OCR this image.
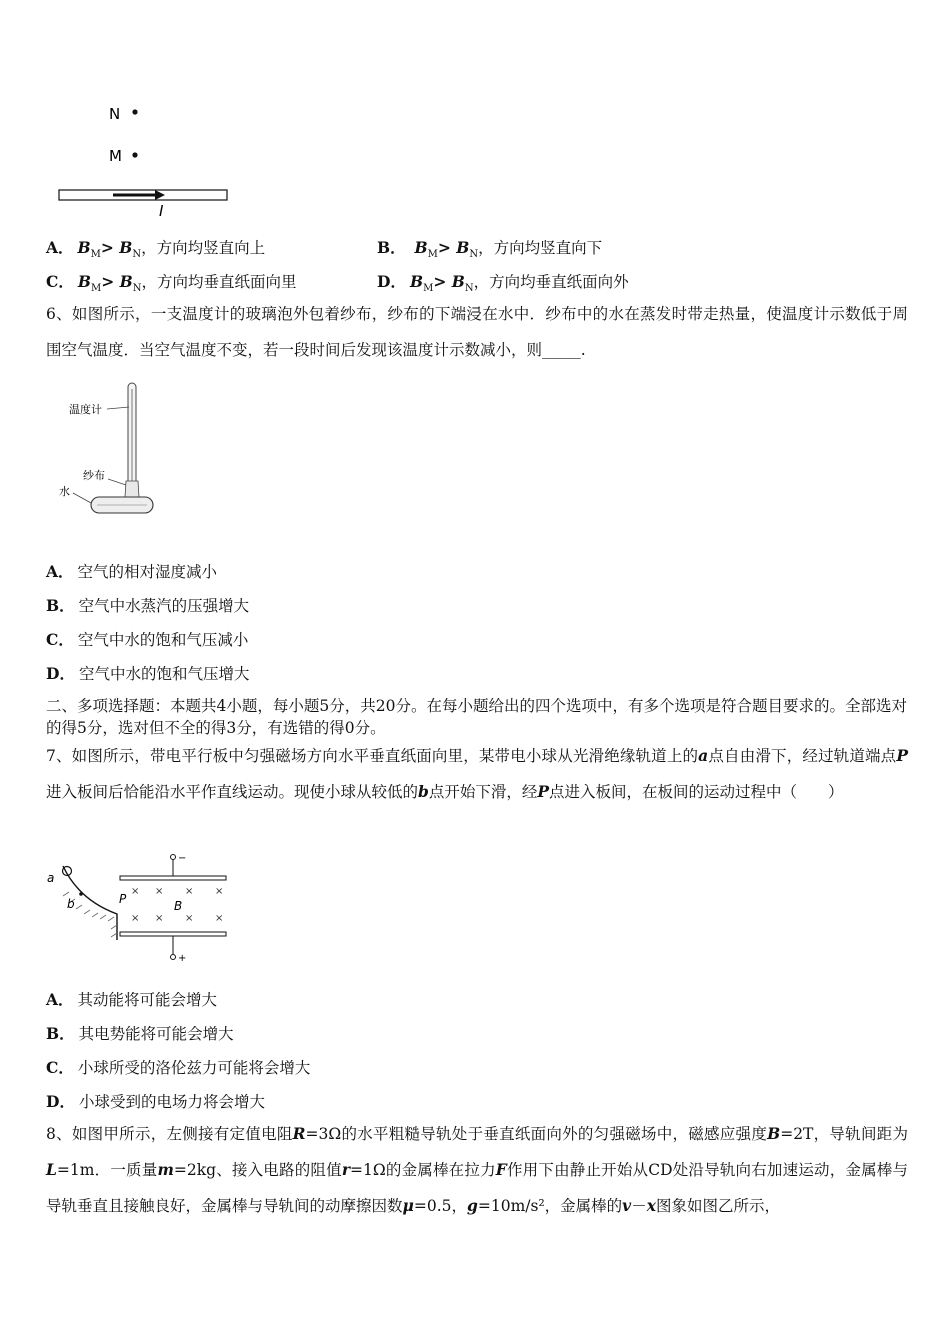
N
M
I
A． $B_M> B_N$，方向均竖直向上	B． $B_M> B_N$，方向均竖直向下
C． $B_M> B_N$，方向均垂直纸面向里	D． $B_M> B_N$，方向均垂直纸面向外
6、如图所示，一支温度计的玻璃泡外包着纱布，纱布的下端浸在水中．纱布中的水在蒸发时带走热量，使温度计示数低于周围空气温度．当空气温度不变，若一段时间后发现该温度计示数减小，则_____.
温度计
纱布
水
A． 空气的相对湿度减小
B． 空气中水蒸汽的压强增大
C． 空气中水的饱和气压减小
D． 空气中水的饱和气压增大
二、多项选择题：本题共4小题，每小题5分，共20分。在每小题给出的四个选项中，有多个选项是符合题目要求的。全部选对的得5分，选对但不全的得3分，有选错的得0分。
7、如图所示，带电平行板中匀强磁场方向水平垂直纸面向里，某带电小球从光滑绝缘轨道上的a点自由滑下，经过轨道端点P进入板间后恰能沿水平作直线运动。现使小球从较低的b点开始下滑，经P点进入板间，在板间的运动过程中（　　）
a
b	P
−
+
× × × ×
× × × ×
B
A． 其动能将可能会增大
B． 其电势能将可能会增大
C． 小球所受的洛伦兹力可能将会增大
D． 小球受到的电场力将会增大
8、如图甲所示，左侧接有定值电阻R=3Ω的水平粗糙导轨处于垂直纸面向外的匀强磁场中，磁感应强度B=2T，导轨间距为L=1m．一质量m=2kg、接入电路的阻值r=1Ω的金属棒在拉力F作用下由静止开始从CD处沿导轨向右加速运动，金属棒与导轨垂直且接触良好，金属棒与导轨间的动摩擦因数μ=0.5，g=10m/s²，金属棒的v－x图象如图乙所示，
